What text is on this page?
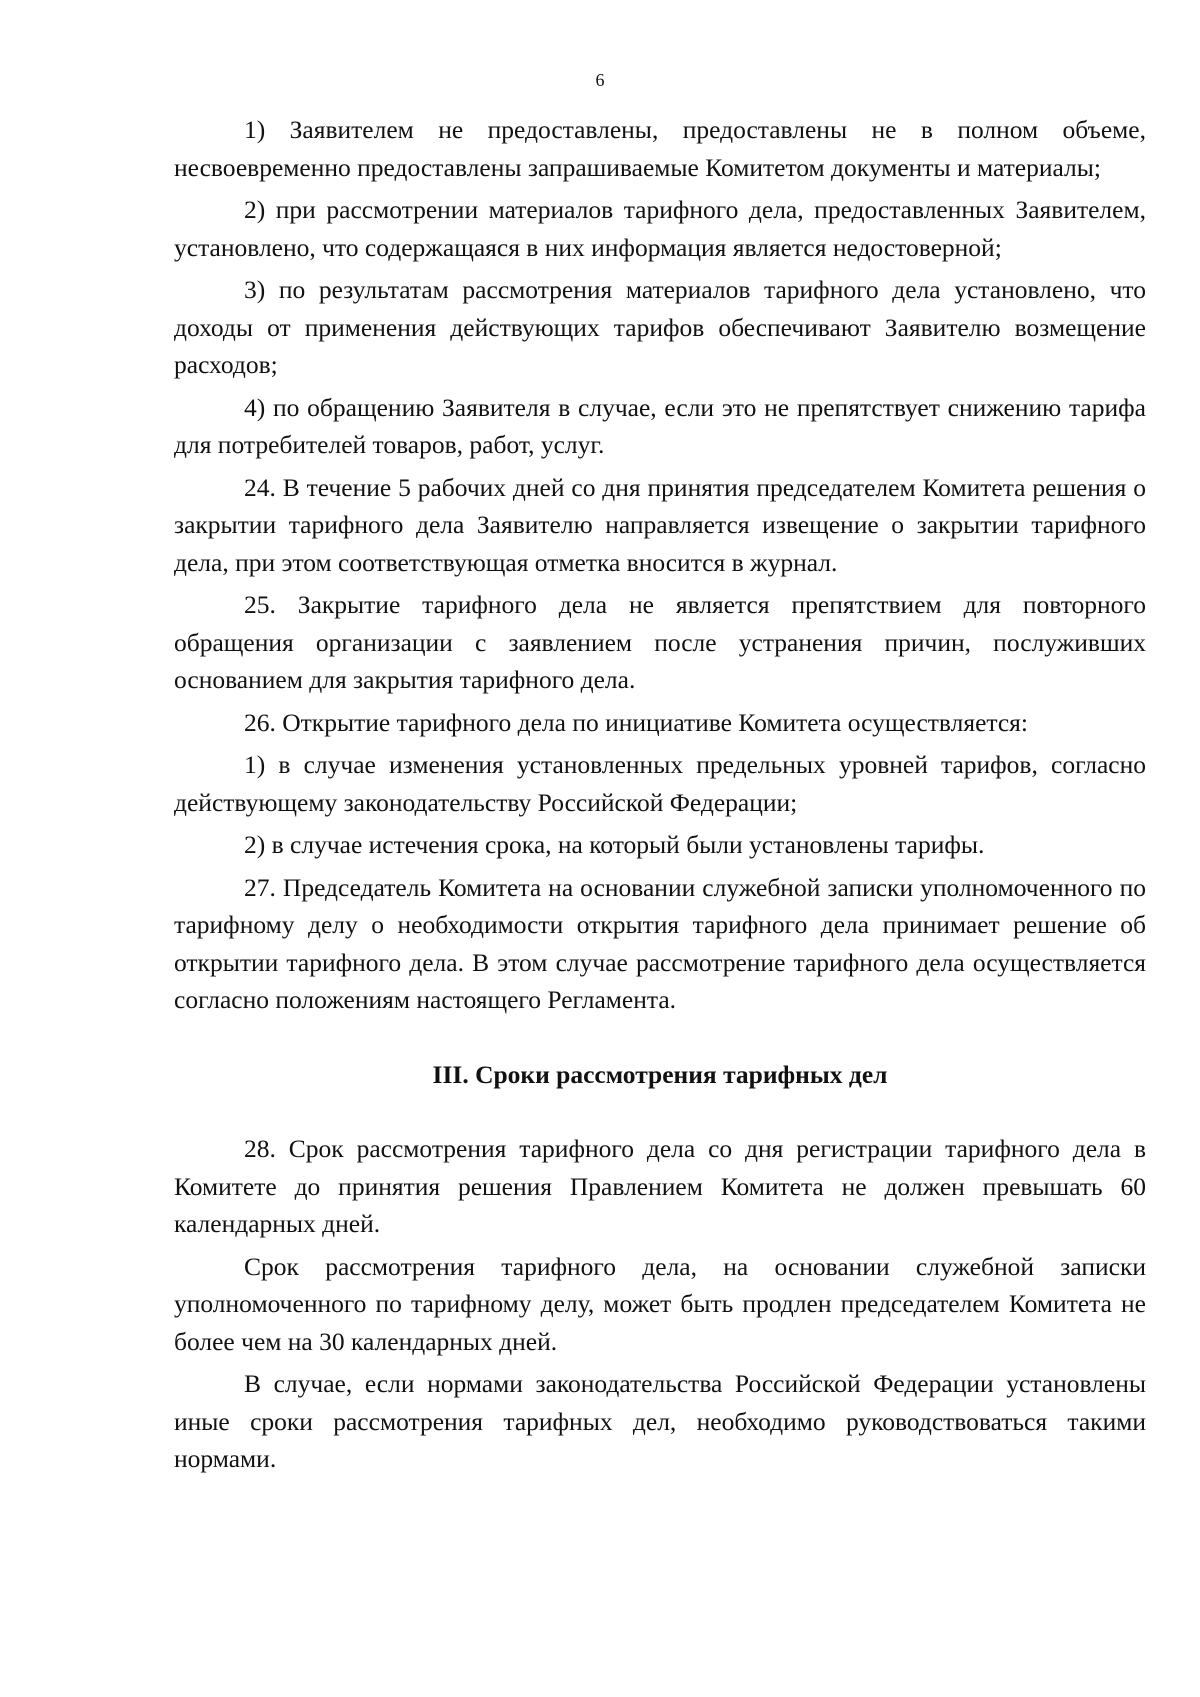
6

1) Заявителем не предоставлены, предоставлены не в полном объеме, несвоевременно предоставлены запрашиваемые Комитетом документы и материалы;

2) при рассмотрении материалов тарифного дела, предоставленных Заявителем, установлено, что содержащаяся в них информация является недостоверной;

3) по результатам рассмотрения материалов тарифного дела установлено, что доходы от применения действующих тарифов обеспечивают Заявителю возмещение расходов;

4) по обращению Заявителя в случае, если это не препятствует снижению тарифа для потребителей товаров, работ, услуг.

24. В течение 5 рабочих дней со дня принятия председателем Комитета решения о закрытии тарифного дела Заявителю направляется извещение о закрытии тарифного дела, при этом соответствующая отметка вносится в журнал.

25. Закрытие тарифного дела не является препятствием для повторного обращения организации с заявлением после устранения причин, послуживших основанием для закрытия тарифного дела.

26. Открытие тарифного дела по инициативе Комитета осуществляется:

1) в случае изменения установленных предельных уровней тарифов, согласно действующему законодательству Российской Федерации;

2) в случае истечения срока, на который были установлены тарифы.

27. Председатель Комитета на основании служебной записки уполномоченного по тарифному делу о необходимости открытия тарифного дела принимает решение об открытии тарифного дела. В этом случае рассмотрение тарифного дела осуществляется согласно положениям настоящего Регламента.

III. Сроки рассмотрения тарифных дел

28. Срок рассмотрения тарифного дела со дня регистрации тарифного дела в Комитете до принятия решения Правлением Комитета не должен превышать 60 календарных дней.

Срок рассмотрения тарифного дела, на основании служебной записки уполномоченного по тарифному делу, может быть продлен председателем Комитета не более чем на 30 календарных дней.

В случае, если нормами законодательства Российской Федерации установлены иные сроки рассмотрения тарифных дел, необходимо руководствоваться такими нормами.
